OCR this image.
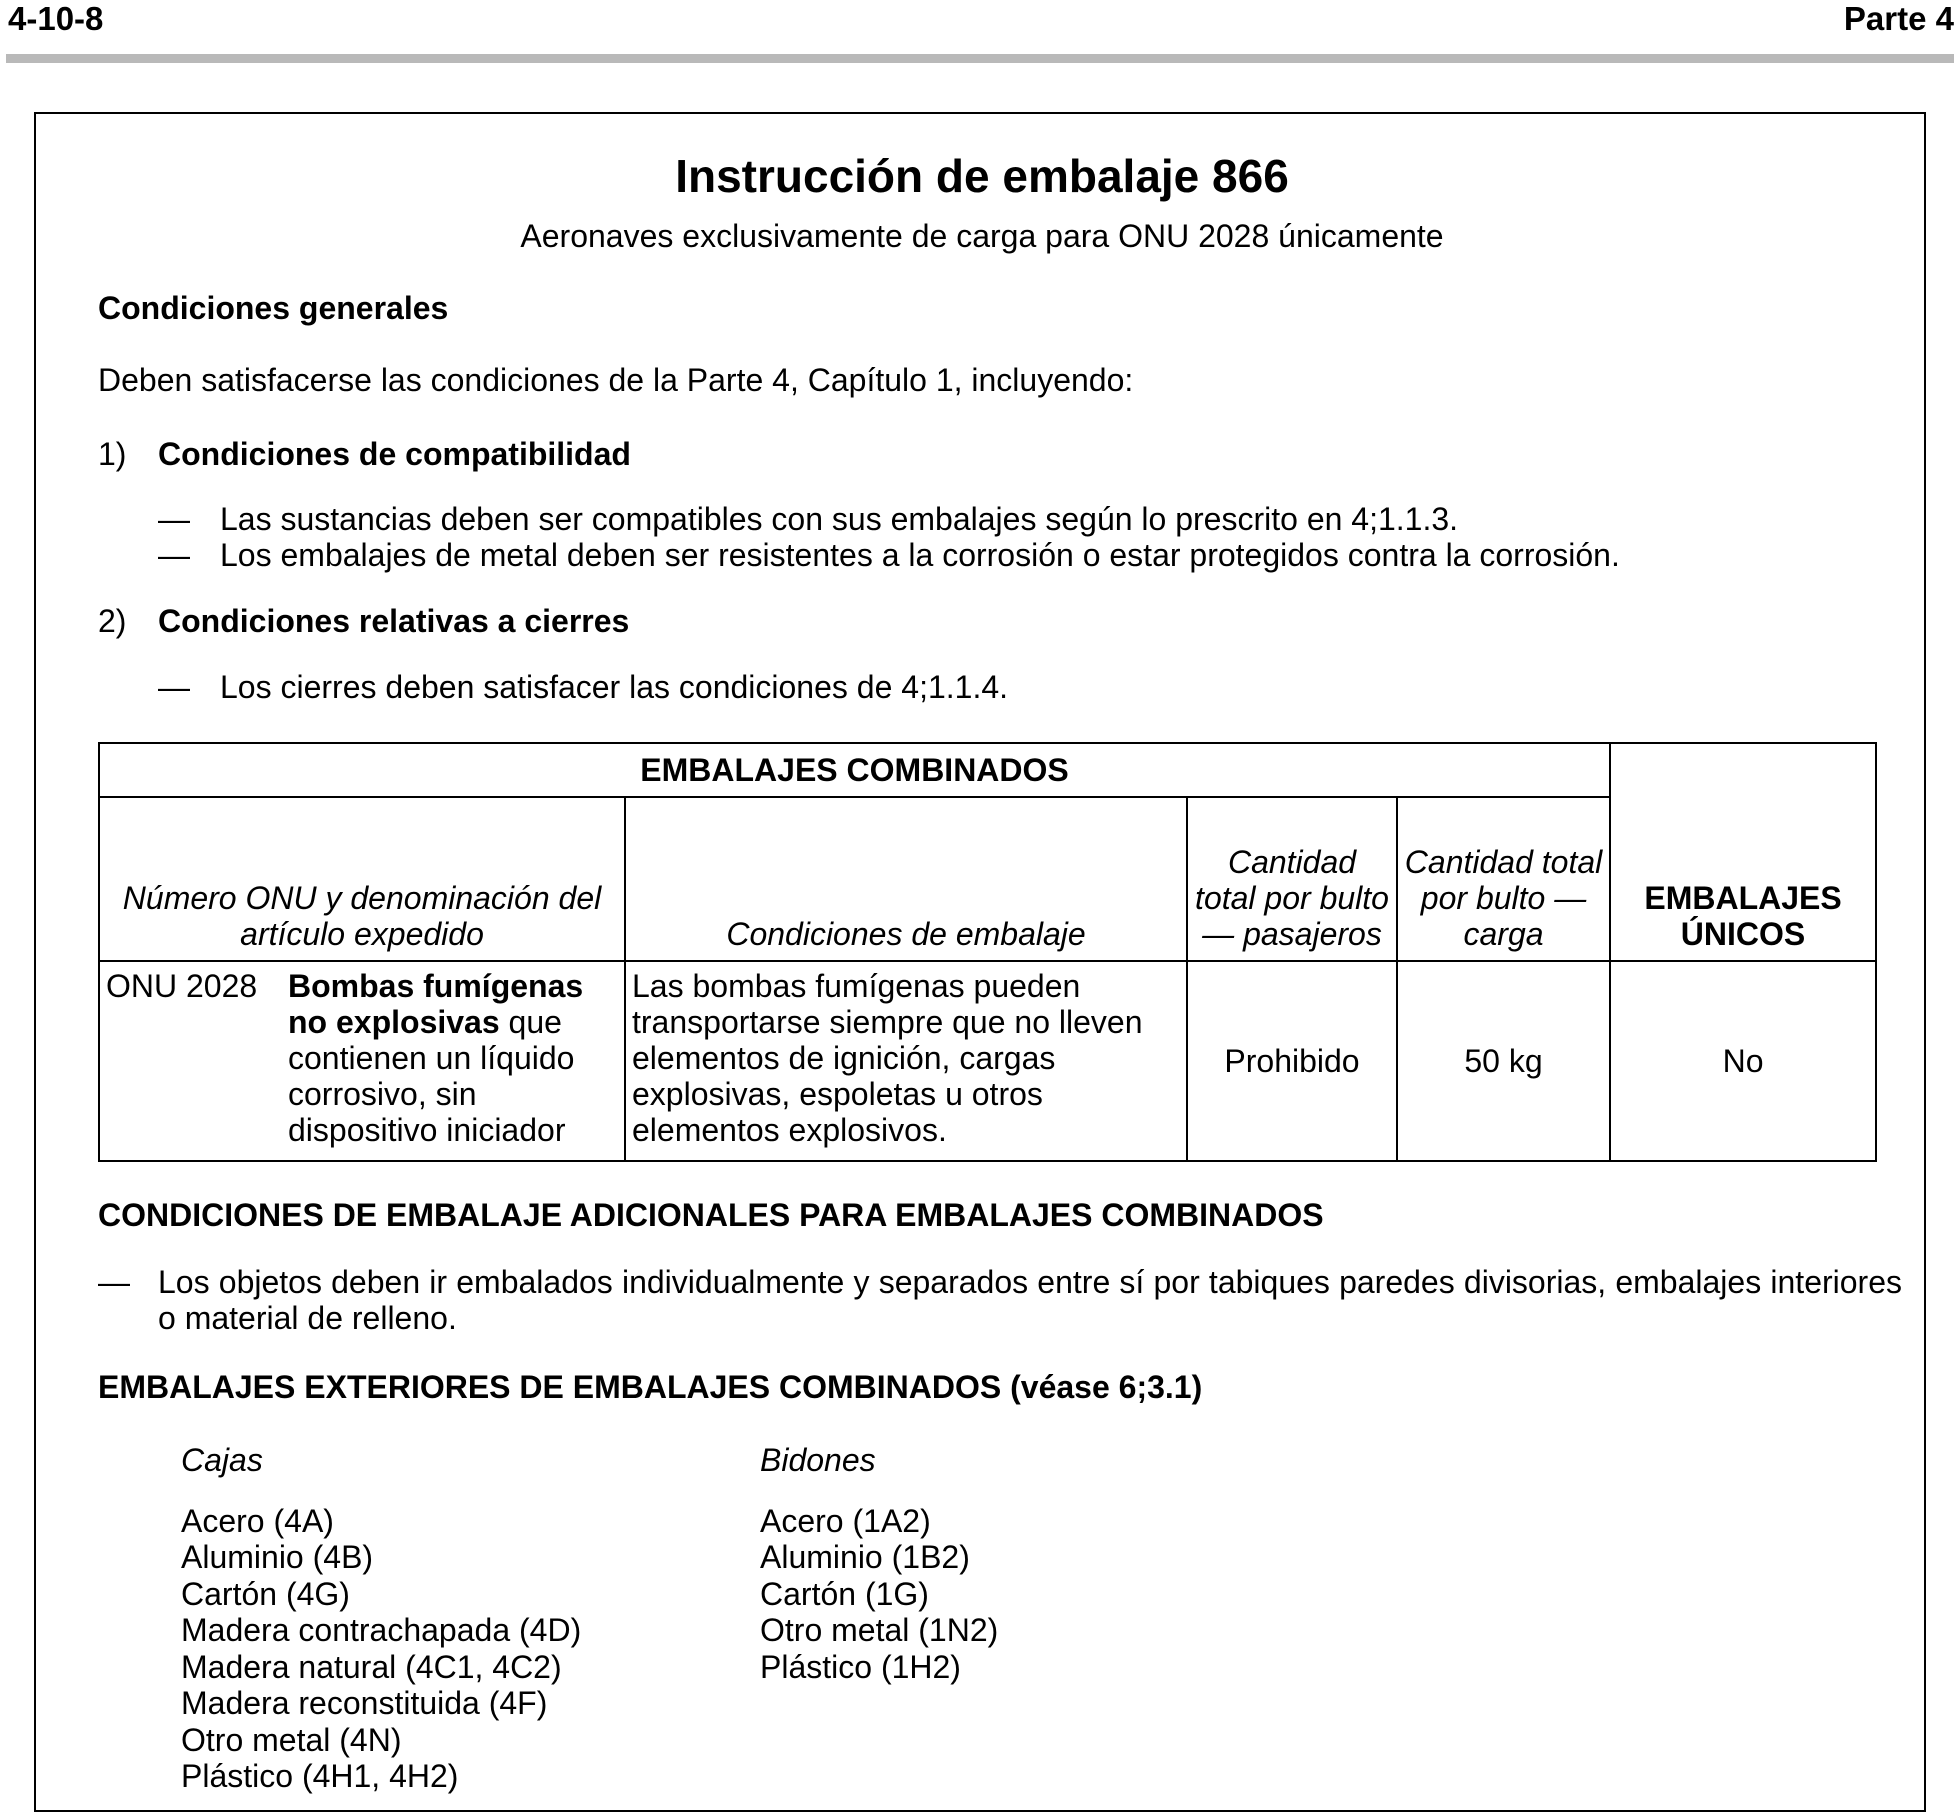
4-10-8	Parte 4
Instrucción de embalaje 866
Aeronaves exclusivamente de carga para ONU 2028 únicamente
Condiciones generales
Deben satisfacerse las condiciones de la Parte 4, Capítulo 1, incluyendo:
1) Condiciones de compatibilidad
— Las sustancias deben ser compatibles con sus embalajes según lo prescrito en 4;1.1.3.
— Los embalajes de metal deben ser resistentes a la corrosión o estar protegidos contra la corrosión.
2) Condiciones relativas a cierres
— Los cierres deben satisfacer las condiciones de 4;1.1.4.
EMBALAJES COMBINADOS				EMBALAJES ÚNICOS
Número ONU y denominación del artículo expedido	Condiciones de embalaje	Cantidad total por bulto — pasajeros	Cantidad total por bulto — carga	

ONU 2028 Bombas fumígenas no explosivas que contienen un líquido corrosivo, sin dispositivo iniciador	Las bombas fumígenas pueden transportarse siempre que no lleven elementos de ignición, cargas explosivas, espoletas u otros elementos explosivos.	Prohibido	50 kg	No
CONDICIONES DE EMBALAJE ADICIONALES PARA EMBALAJES COMBINADOS
— Los objetos deben ir embalados individualmente y separados entre sí por tabiques paredes divisorias, embalajes interiores o material de relleno.
EMBALAJES EXTERIORES DE EMBALAJES COMBINADOS (véase 6;3.1)
Cajas
Acero (4A)
Aluminio (4B)
Cartón (4G)
Madera contrachapada (4D)
Madera natural (4C1, 4C2)
Madera reconstituida (4F)
Otro metal (4N)
Plástico (4H1, 4H2)
Bidones
Acero (1A2)
Aluminio (1B2)
Cartón (1G)
Otro metal (1N2)
Plástico (1H2)
